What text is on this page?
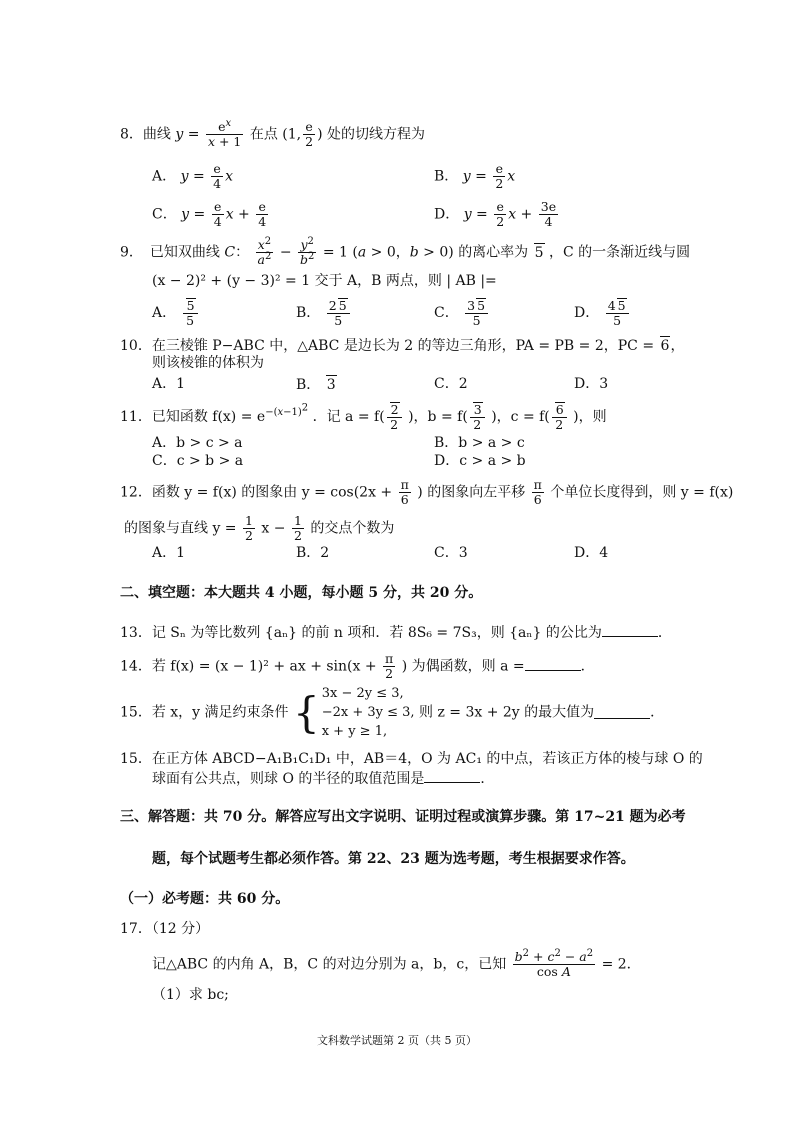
8．曲线 $y = \frac{e^x}{x + 1}$ 在点 (1, $\frac{e}{2}$ ) 处的切线方程为
A． $y = \frac{e}{4}$ x	B． $y = \frac{e}{2}$ x
C． $y = \frac{e}{4}$ $x + \frac{e}{4}$	D． $y = \frac{e}{2}$ $x + \frac{3e}{4}$
9．　已知双曲线 C： $\frac{x^2}{a^2} - \frac{y^2}{b^2} = 1$ (a > 0，b > 0) 的离心率为 5 ，C 的一条渐近线与圆
(x − 2)² + (y − 3)² = 1 交于 A，B 两点，则 | AB |=
A． $\frac{5}{5}$	B． $\frac{2 5}{5}$	C． $\frac{3 5}{5}$	D． $\frac{4 5}{5}$
10．在三棱锥 P−ABC 中，△ABC 是边长为 2 的等边三角形，PA = PB = 2，PC = 6，
则该棱锥的体积为
A．1	B． 3	C．2	D．3
11．已知函数 $f(x) = e^{-(x-1)^2}$ ．记 $a = f( \frac{2}{2}$ )，$b = f( \frac{3}{2}$ )，$c = f( \frac{6}{2}$ )，则
A．b > c > a	B．b > a > c
C．c > b > a	D．c > a > b
12．函数 y = f(x) 的图象由 $y = \cos(2x + \frac{\pi}{6}$ ) 的图象向左平移 $\frac{\pi}{6}$ 个单位长度得到，则 y = f(x)
的图象与直线 $y = \frac{1}{2}$ $x - \frac{1}{2}$ 的交点个数为
A．1	B．2	C．3	D．4
二、填空题：本大题共 4 小题，每小题 5 分，共 20 分。
13．记 Sₙ 为等比数列 {aₙ} 的前 n 项和．若 8S₆ = 7S₃，则 {aₙ} 的公比为	．
14．若 f(x) = (x − 1)² + ax + $\sin(x + \frac{\pi}{2}$ ) 为偶函数，则 a =	．
15．若 x，y 满足约束条件 { 3x − 2y ≤ 3,
−2x + 3y ≤ 3,
x + y ≥ 1,
则 z = 3x + 2y 的最大值为	．
15．在正方体 ABCD−A₁B₁C₁D₁ 中，AB＝4，O 为 AC₁ 的中点，若该正方体的棱与球 O 的
球面有公共点，则球 O 的半径的取值范围是	．
三、解答题：共 70 分。解答应写出文字说明、证明过程或演算步骤。第 17~21 题为必考
题，每个试题考生都必须作答。第 22、23 题为选考题，考生根据要求作答。
（一）必考题：共 60 分。
17．（12 分）
记△ABC 的内角 A，B，C 的对边分别为 a，b，c，已知 $\frac{b^2 + c^2 - a^2}{\text{cos A}} = 2$．
（1）求 bc;
文科数学试题第 2 页（共 5 页）
